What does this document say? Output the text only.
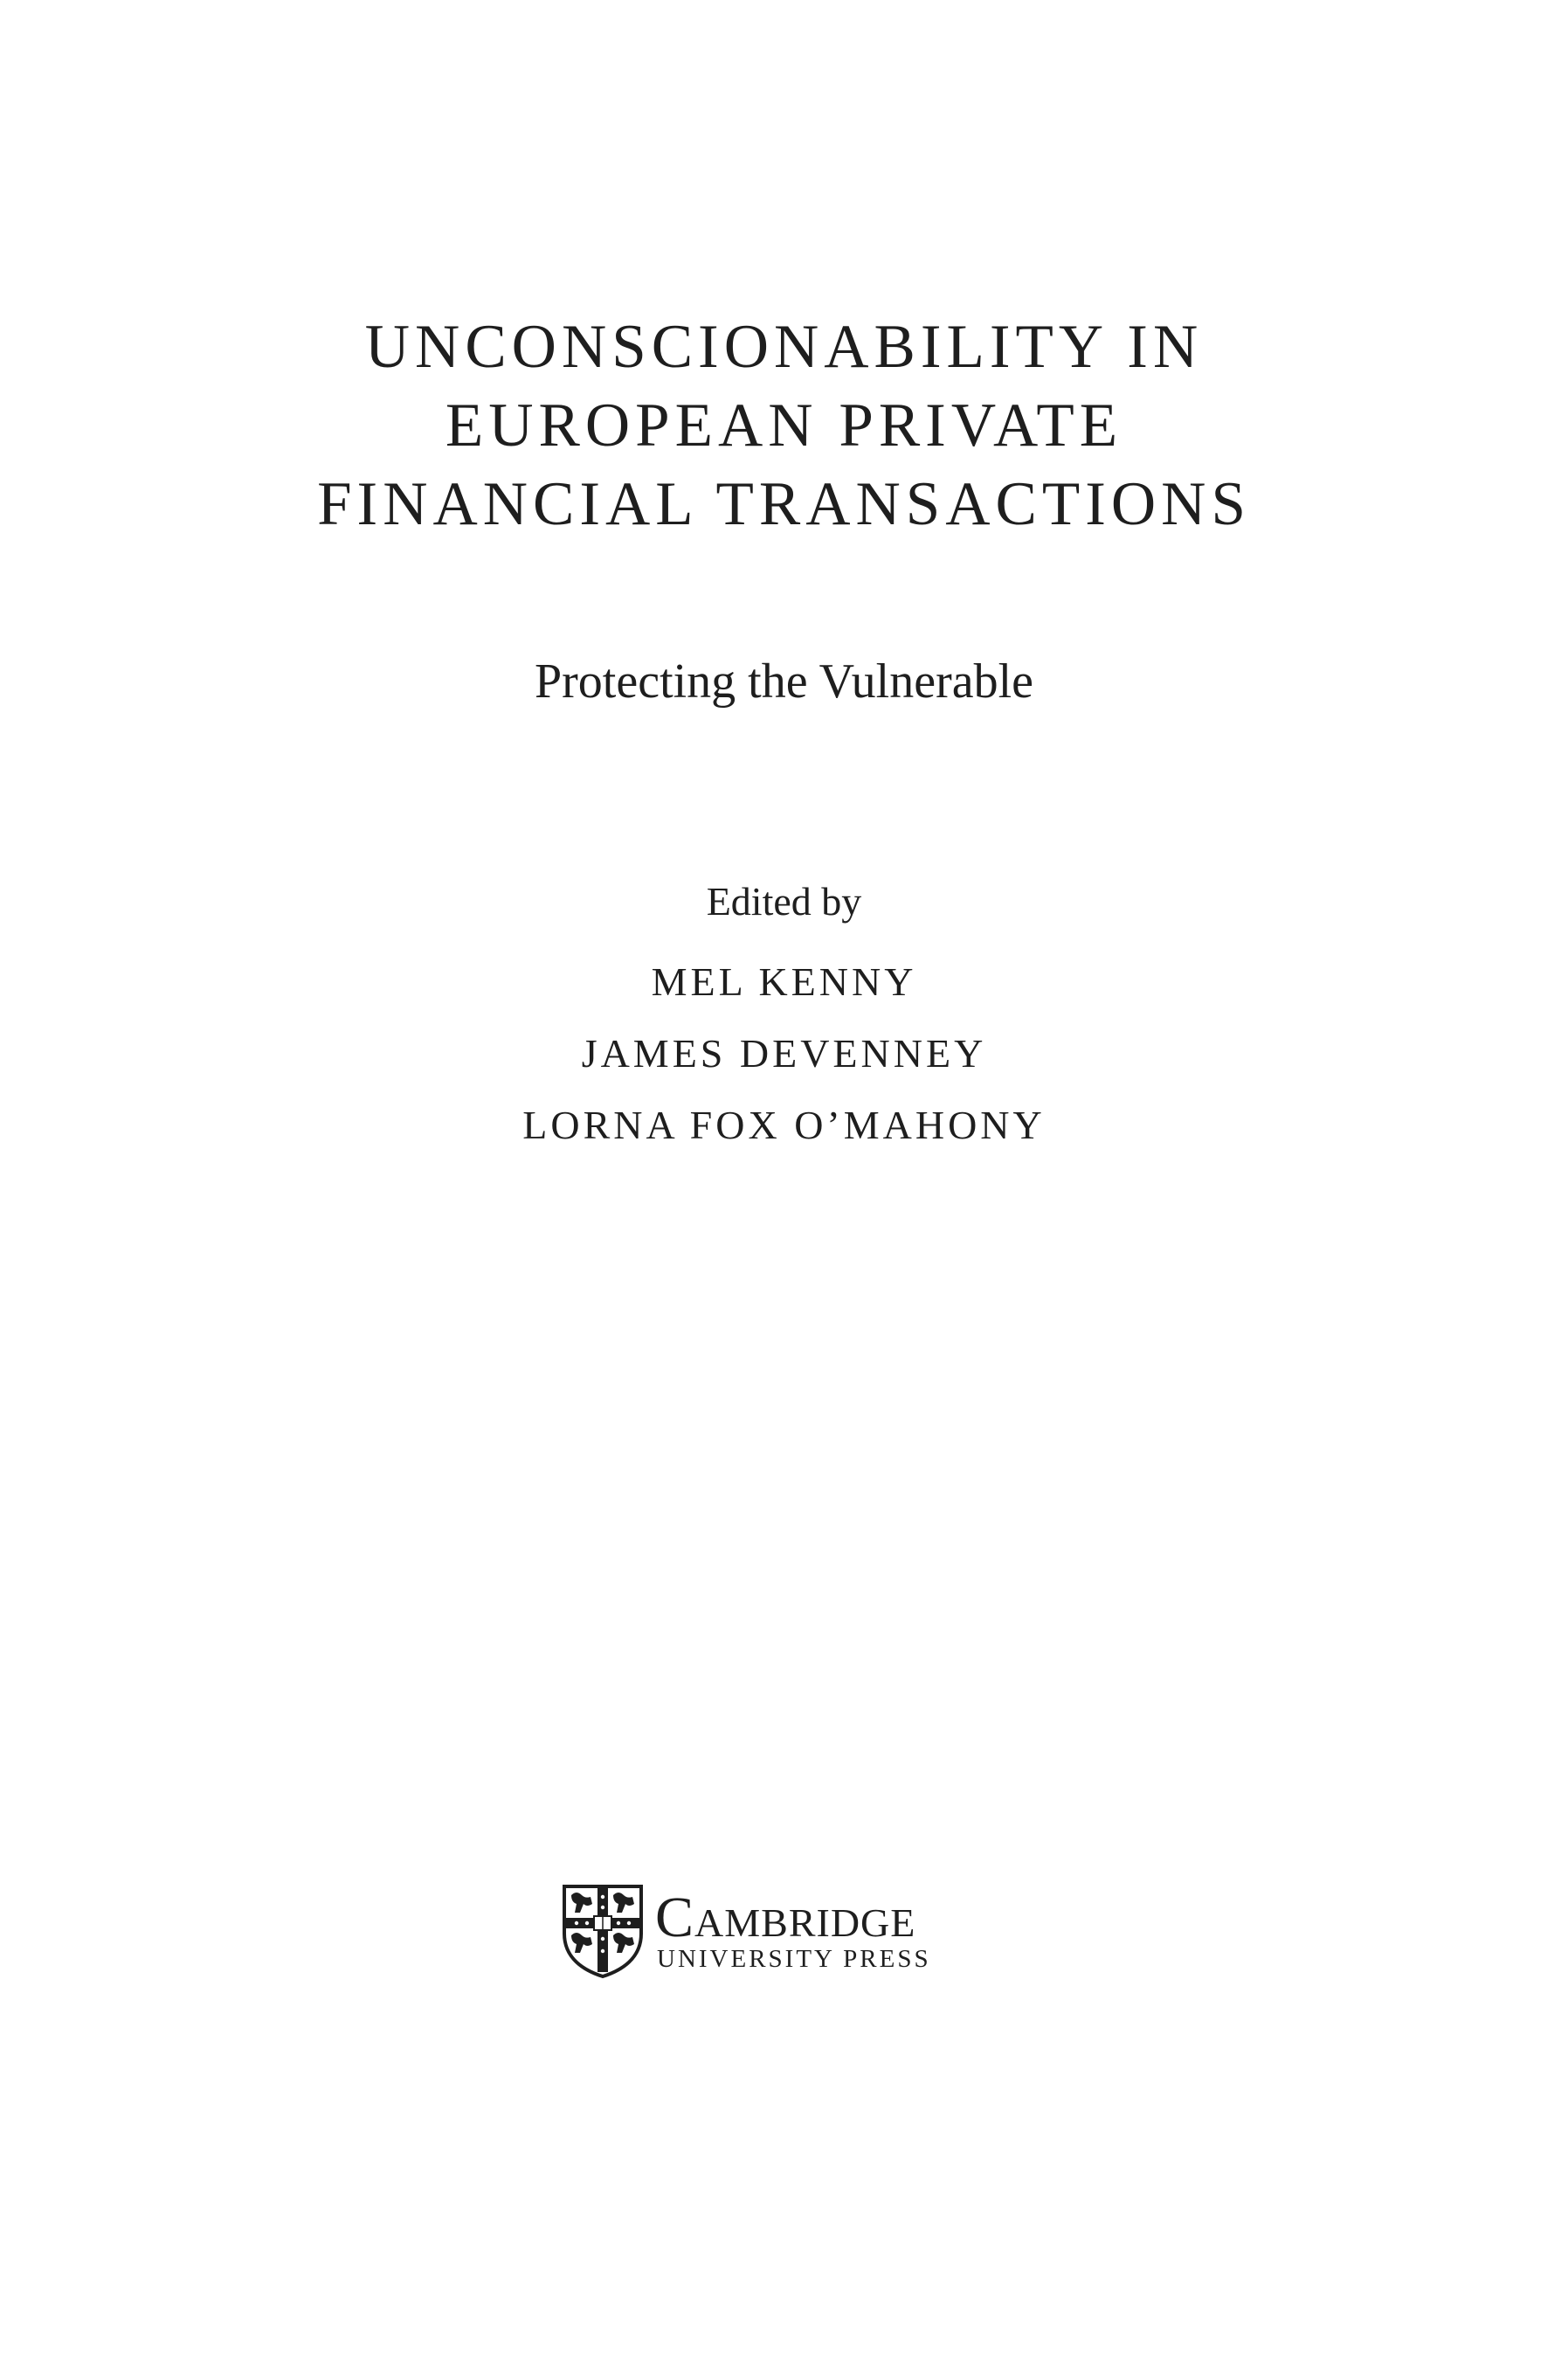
UNCONSCIONABILITY IN
EUROPEAN PRIVATE
FINANCIAL TRANSACTIONS
Protecting the Vulnerable
Edited by
MEL KENNY
JAMES DEVENNEY
LORNA FOX O’MAHONY
Cambridge
UNIVERSITY PRESS
